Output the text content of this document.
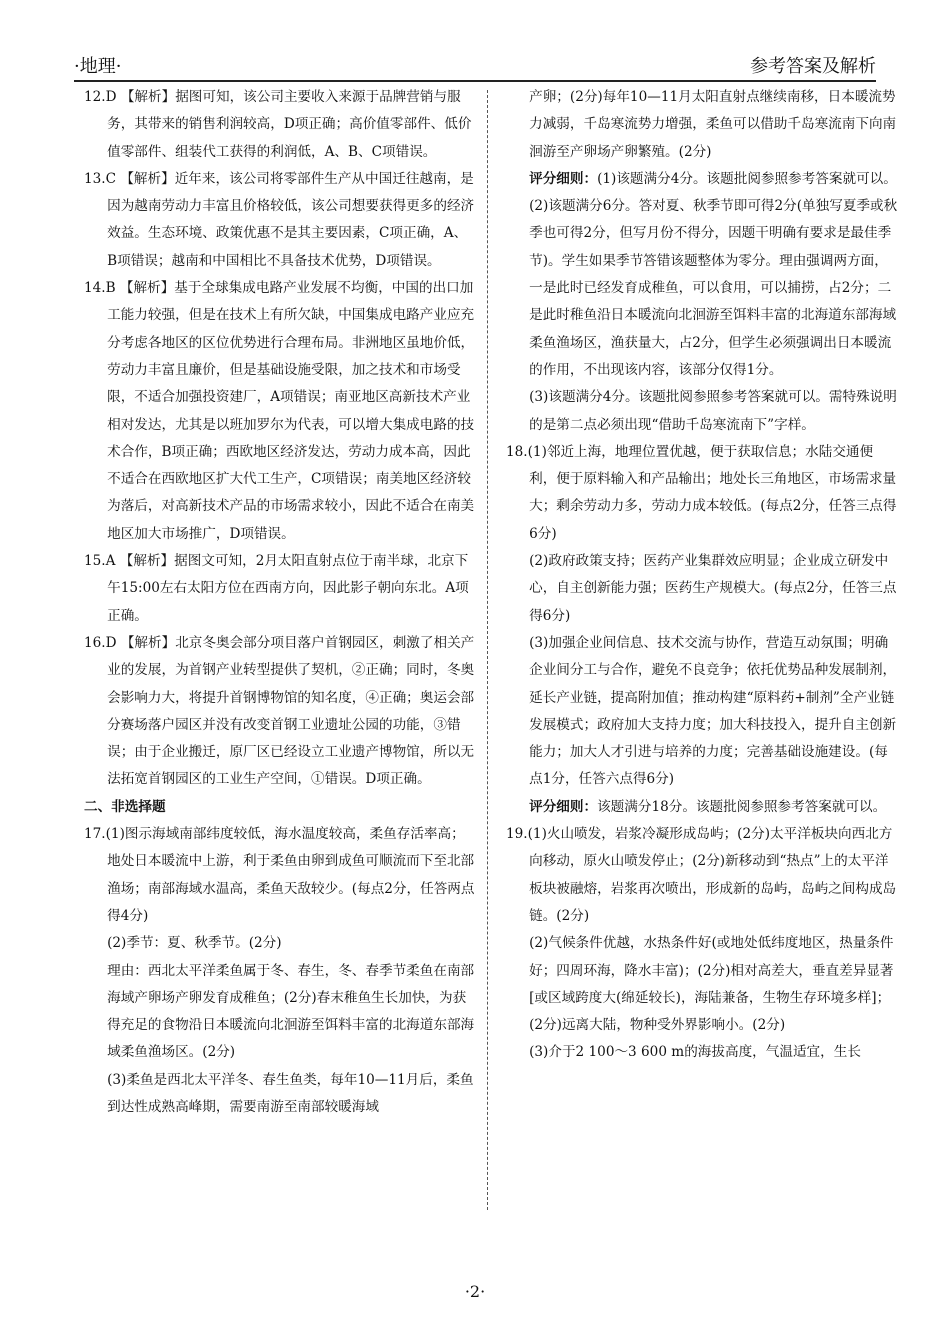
·地理·	参考答案及解析
12.D 【解析】据图可知，该公司主要收入来源于品牌营销与服务，其带来的销售利润较高，D项正确；高价值零部件、低价值零部件、组装代工获得的利润低，A、B、C项错误。
13.C 【解析】近年来，该公司将零部件生产从中国迁往越南，是因为越南劳动力丰富且价格较低，该公司想要获得更多的经济效益。生态环境、政策优惠不是其主要因素，C项正确，A、B项错误；越南和中国相比不具备技术优势，D项错误。
14.B 【解析】基于全球集成电路产业发展不均衡，中国的出口加工能力较强，但是在技术上有所欠缺，中国集成电路产业应充分考虑各地区的区位优势进行合理布局。非洲地区虽地价低，劳动力丰富且廉价，但是基础设施受限，加之技术和市场受限，不适合加强投资建厂，A项错误；南亚地区高新技术产业相对发达，尤其是以班加罗尔为代表，可以增大集成电路的技术合作，B项正确；西欧地区经济发达，劳动力成本高，因此不适合在西欧地区扩大代工生产，C项错误；南美地区经济较为落后，对高新技术产品的市场需求较小，因此不适合在南美地区加大市场推广，D项错误。
15.A 【解析】据图文可知，2月太阳直射点位于南半球，北京下午15:00左右太阳方位在西南方向，因此影子朝向东北。A项正确。
16.D 【解析】北京冬奥会部分项目落户首钢园区，刺激了相关产业的发展，为首钢产业转型提供了契机，②正确；同时，冬奥会影响力大，将提升首钢博物馆的知名度，④正确；奥运会部分赛场落户园区并没有改变首钢工业遗址公园的功能，③错误；由于企业搬迁，原厂区已经设立工业遗产博物馆，所以无法拓宽首钢园区的工业生产空间，①错误。D项正确。
二、非选择题
17.(1)图示海域南部纬度较低，海水温度较高，柔鱼存活率高；地处日本暖流中上游，利于柔鱼由卵到成鱼可顺流而下至北部渔场；南部海域水温高，柔鱼天敌较少。(每点2分，任答两点得4分)
(2)季节：夏、秋季节。(2分)
理由：西北太平洋柔鱼属于冬、春生，冬、春季节柔鱼在南部海域产卵场产卵发育成稚鱼；(2分)春末稚鱼生长加快，为获得充足的食物沿日本暖流向北洄游至饵料丰富的北海道东部海域柔鱼渔场区。(2分)
(3)柔鱼是西北太平洋冬、春生鱼类，每年10—11月后，柔鱼到达性成熟高峰期，需要南游至南部较暖海域
产卵；(2分)每年10—11月太阳直射点继续南移，日本暖流势力减弱，千岛寒流势力增强，柔鱼可以借助千岛寒流南下向南洄游至产卵场产卵繁殖。(2分)
评分细则：(1)该题满分4分。该题批阅参照参考答案就可以。
(2)该题满分6分。答对夏、秋季节即可得2分(单独写夏季或秋季也可得2分，但写月份不得分，因题干明确有要求是最佳季节)。学生如果季节答错该题整体为零分。理由强调两方面，一是此时已经发育成稚鱼，可以食用，可以捕捞，占2分；二是此时稚鱼沿日本暖流向北洄游至饵料丰富的北海道东部海域柔鱼渔场区，渔获量大，占2分，但学生必须强调出日本暖流的作用，不出现该内容，该部分仅得1分。
(3)该题满分4分。该题批阅参照参考答案就可以。需特殊说明的是第二点必须出现“借助千岛寒流南下”字样。
18.(1)邻近上海，地理位置优越，便于获取信息；水陆交通便利，便于原料输入和产品输出；地处长三角地区，市场需求量大；剩余劳动力多，劳动力成本较低。(每点2分，任答三点得6分)
(2)政府政策支持；医药产业集群效应明显；企业成立研发中心，自主创新能力强；医药生产规模大。(每点2分，任答三点得6分)
(3)加强企业间信息、技术交流与协作，营造互动氛围；明确企业间分工与合作，避免不良竞争；依托优势品种发展制剂，延长产业链，提高附加值；推动构建“原料药+制剂”全产业链发展模式；政府加大支持力度；加大科技投入，提升自主创新能力；加大人才引进与培养的力度；完善基础设施建设。(每点1分，任答六点得6分)
评分细则：该题满分18分。该题批阅参照参考答案就可以。
19.(1)火山喷发，岩浆冷凝形成岛屿；(2分)太平洋板块向西北方向移动，原火山喷发停止；(2分)新移动到“热点”上的太平洋板块被融熔，岩浆再次喷出，形成新的岛屿，岛屿之间构成岛链。(2分)
(2)气候条件优越，水热条件好(或地处低纬度地区，热量条件好；四周环海，降水丰富)；(2分)相对高差大，垂直差异显著[或区域跨度大(绵延较长)，海陆兼备，生物生存环境多样]；(2分)远离大陆，物种受外界影响小。(2分)
(3)介于2 100～3 600 m的海拔高度，气温适宜，生长
·2·
